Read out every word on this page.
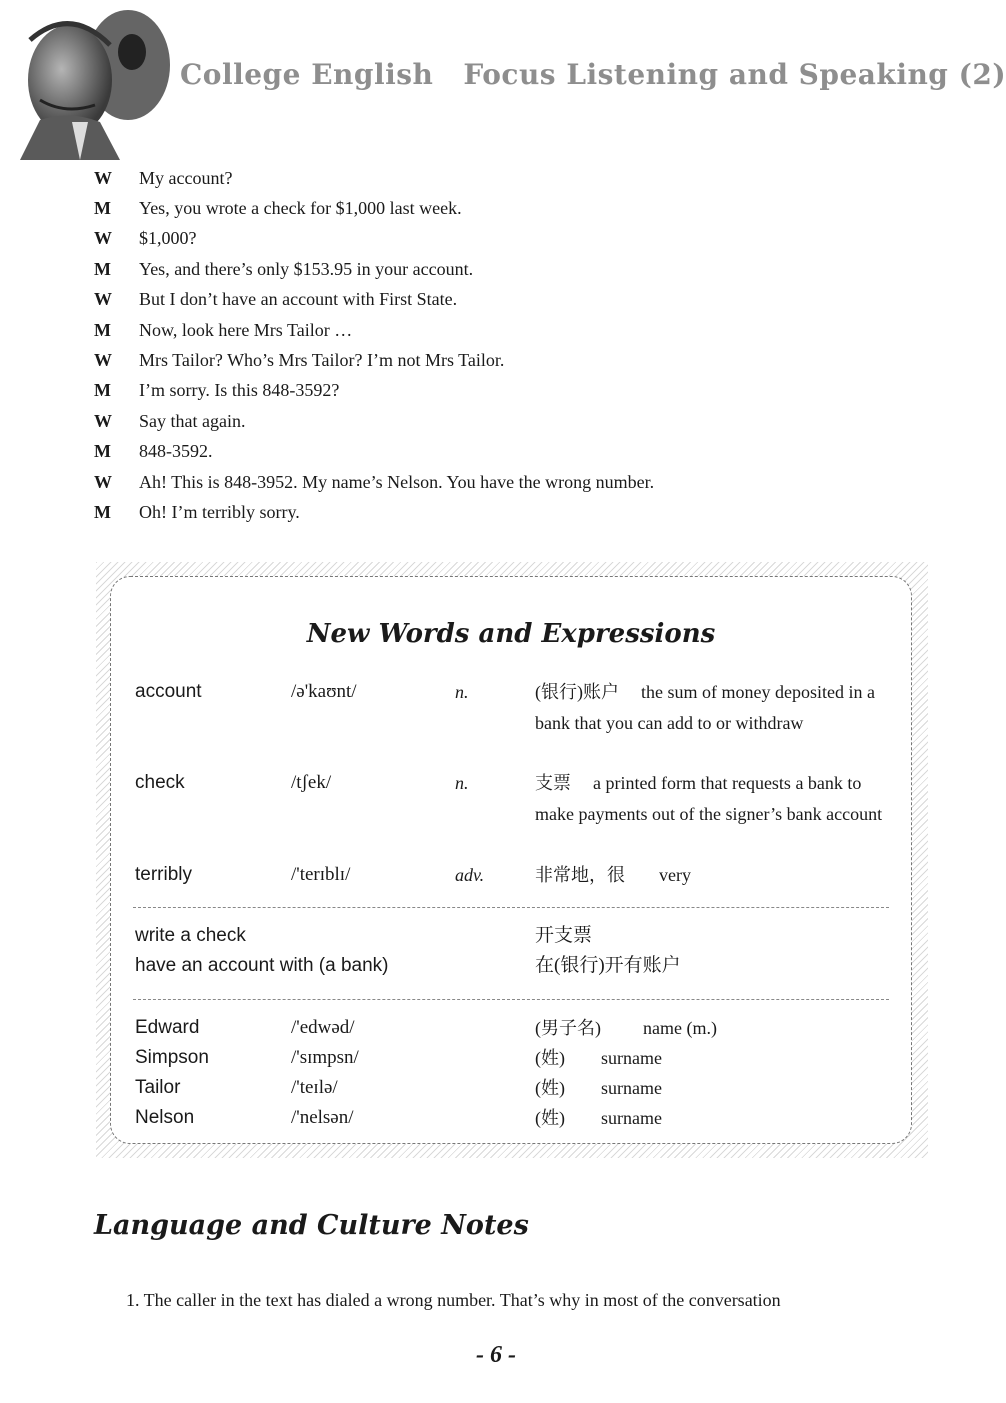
College English Focus Listening and Speaking (2)
W	My account?
M	Yes, you wrote a check for $1,000 last week.
W	$1,000?
M	Yes, and there’s only $153.95 in your account.
W	But I don’t have an account with First State.
M	Now, look here Mrs Tailor …
W	Mrs Tailor? Who’s Mrs Tailor? I’m not Mrs Tailor.
M	I’m sorry. Is this 848-3592?
W	Say that again.
M	848-3592.
W	Ah! This is 848-3952. My name’s Nelson. You have the wrong number.
M	Oh! I’m terribly sorry.
New Words and Expressions
account	/ə'kaʊnt/	n.	(银行)账户 the sum of money deposited in a bank that you can add to or withdraw
check	/tʃek/	n.	支票 a printed form that requests a bank to make payments out of the signer’s bank account
terribly	/'terɪblɪ/	adv.	非常地，很 very
write a check	开支票
have an account with (a bank)	在(银行)开有账户
Edward	/'edwəd/	(男子名) name (m.)
Simpson	/'sɪmpsn/	(姓) surname
Tailor	/'teɪlə/	(姓) surname
Nelson	/'nelsən/	(姓) surname
Language and Culture Notes
1. The caller in the text has dialed a wrong number. That’s why in most of the conversation
- 6 -
